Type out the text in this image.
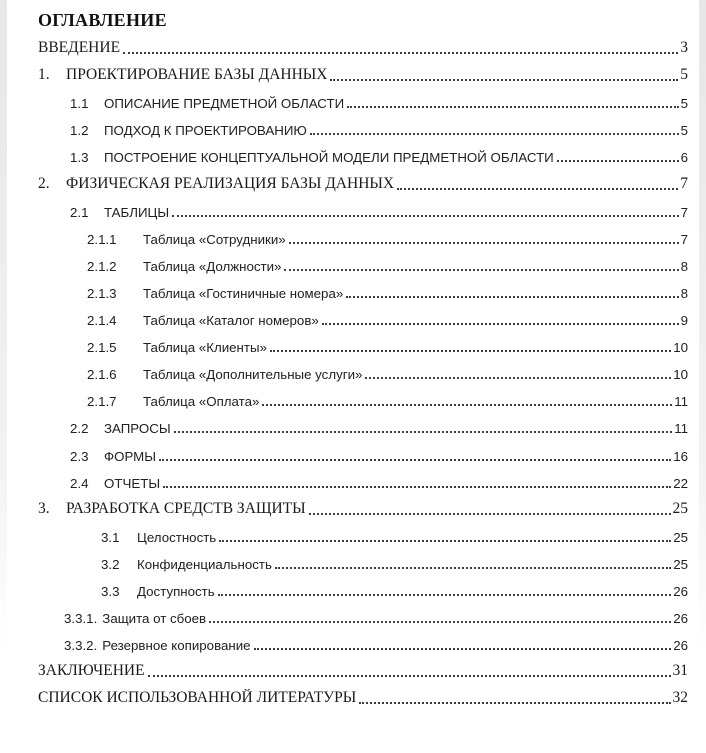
ОГЛАВЛЕНИЕ
ВВЕДЕНИЕ	3
1.	ПРОЕКТИРОВАНИЕ БАЗЫ ДАННЫХ	5
1.1	ОПИСАНИЕ ПРЕДМЕТНОЙ ОБЛАСТИ	5
1.2	ПОДХОД К ПРОЕКТИРОВАНИЮ	5
1.3	ПОСТРОЕНИЕ КОНЦЕПТУАЛЬНОЙ МОДЕЛИ ПРЕДМЕТНОЙ ОБЛАСТИ	6
2.	ФИЗИЧЕСКАЯ РЕАЛИЗАЦИЯ БАЗЫ ДАННЫХ	7
2.1	ТАБЛИЦЫ	7
2.1.1	Таблица «Сотрудники»	7
2.1.2	Таблица «Должности»	8
2.1.3	Таблица «Гостиничные номера»	8
2.1.4	Таблица «Каталог номеров»	9
2.1.5	Таблица «Клиенты»	10
2.1.6	Таблица «Дополнительные услуги»	10
2.1.7	Таблица «Оплата»	11
2.2	ЗАПРОСЫ	11
2.3	ФОРМЫ	16
2.4	ОТЧЕТЫ	22
3.	РАЗРАБОТКА СРЕДСТВ ЗАЩИТЫ	25
3.1	Целостность	25
3.2	Конфиденциальность	25
3.3	Доступность	26
3.3.1. Защита от сбоев	26
3.3.2. Резервное копирование	26
ЗАКЛЮЧЕНИЕ	31
СПИСОК ИСПОЛЬЗОВАННОЙ ЛИТЕРАТУРЫ	32
